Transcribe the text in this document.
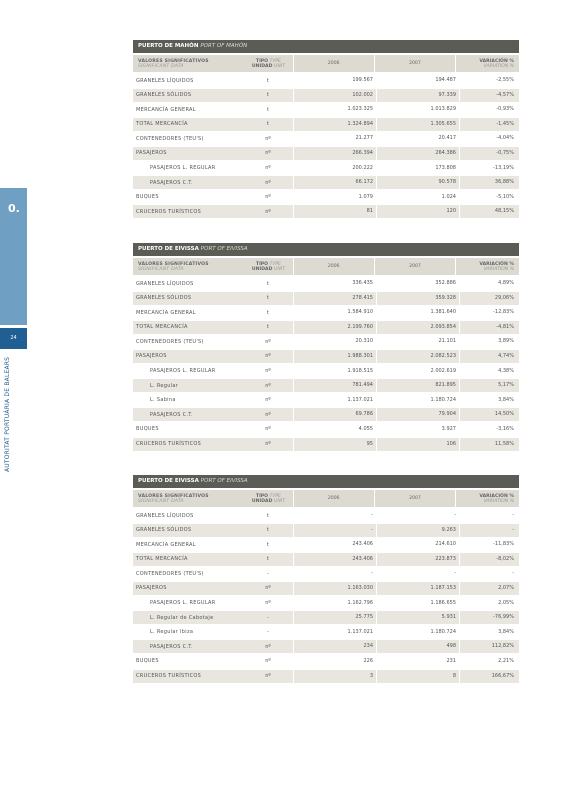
0.
24
AUTORITAT PORTUÀRIA DE BALEARS
PUERTO DE MAHÓN PORT OF MAHÓN
VALORES SIGNIFICATIVOS
SIGNIFICANT DATA
TIPO TYPE
UNIDAD UNIT	2006	2007	VARIACIÓN %
VARIATION %
GRANELES LÍQUIDOS	t	199.567	194.487	-2,55%
GRANELES SÓLIDOS	t	102.002	97.339	-4,57%
MERCANCÍA GENERAL	t	1.023.325	1.013.829	-0,93%
TOTAL MERCANCÍA	t	1.324.894	1.305.655	-1,45%
CONTENEDORES (TEU'S)	nº	21.277	20.417	-4,04%
PASAJEROS	nº	266.394	264.386	-0,75%
PASAJEROS L. REGULAR	nº	200.222	173.808	-13,19%
PASAJEROS C.T.	nº	66.172	90.578	36,88%
BUQUES	nº	1.079	1.024	-5,10%
CRUCEROS TURÍSTICOS	nº	81	120	48,15%
PUERTO DE EIVISSA PORT OF EIVISSA
VALORES SIGNIFICATIVOS
SIGNIFICANT DATA
TIPO TYPE
UNIDAD UNIT	2006	2007	VARIACIÓN %
VARIATION %
GRANELES LÍQUIDOS	t	336.435	352.886	4,89%
GRANELES SÓLIDOS	t	278.415	359.328	29,06%
MERCANCÍA GENERAL	t	1.584.910	1.381.640	-12,83%
TOTAL MERCANCÍA	t	2.199.760	2.093.854	-4,81%
CONTENEDORES (TEU'S)	nº	20.310	21.101	3,89%
PASAJEROS	nº	1.988.301	2.082.523	4,74%
PASAJEROS L. REGULAR	nº	1.918.515	2.002.619	4,38%
L. Regular	nº	781.494	821.895	5,17%
L. Sabina	nº	1.137.021	1.180.724	3,84%
PASAJEROS C.T.	nº	69.786	79.904	14,50%
BUQUES	nº	4.055	3.927	-3,16%
CRUCEROS TURÍSTICOS	nº	95	106	11,58%
PUERTO DE EIVISSA PORT OF EIVISSA
VALORES SIGNIFICATIVOS
SIGNIFICANT DATA
TIPO TYPE
UNIDAD UNIT	2006	2007	VARIACIÓN %
VARIATION %
GRANELES LÍQUIDOS	t	-	-	-
GRANELES SÓLIDOS	t	-	9.263	-
MERCANCÍA GENERAL	t	243.406	214.610	-11,83%
TOTAL MERCANCÍA	t	243.406	223.873	-8,02%
CONTENEDORES (TEU'S)	-	-	-	-
PASAJEROS	nº	1.163.030	1.187.153	2,07%
PASAJEROS L. REGULAR	nº	1.162.796	1.186.655	2,05%
L. Regular de Cabotaje	-	25.775	5.931	-76,99%
L. Regular Ibiza	-	1.137.021	1.180.724	3,84%
PASAJEROS C.T.	nº	234	498	112,82%
BUQUES	nº	226	231	2,21%
CRUCEROS TURÍSTICOS	nº	3	8	166,67%
